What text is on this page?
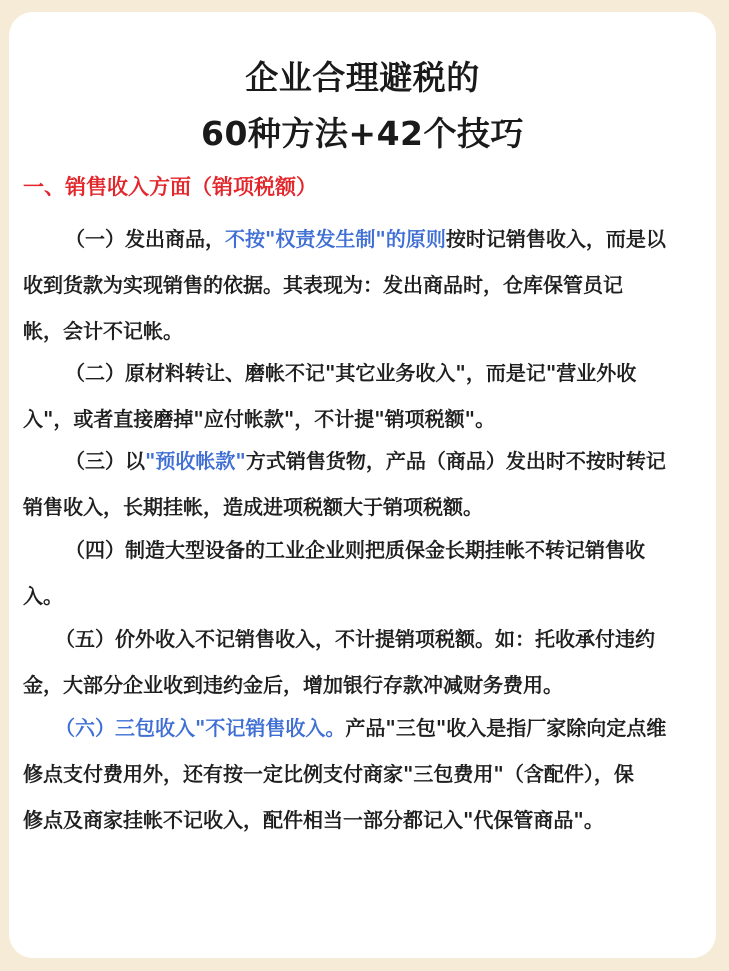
企业合理避税的
60种方法+42个技巧
一、销售收入方面（销项税额）
（一）发出商品，不按"权责发生制"的原则按时记销售收入，而是以
收到货款为实现销售的依据。其表现为：发出商品时，仓库保管员记
帐，会计不记帐。
（二）原材料转让、磨帐不记"其它业务收入"，而是记"营业外收
入"，或者直接磨掉"应付帐款"，不计提"销项税额"。
（三）以"预收帐款"方式销售货物，产品（商品）发出时不按时转记
销售收入，长期挂帐，造成进项税额大于销项税额。
（四）制造大型设备的工业企业则把质保金长期挂帐不转记销售收
入。
（五）价外收入不记销售收入，不计提销项税额。如：托收承付违约
金，大部分企业收到违约金后，增加银行存款冲减财务费用。
（六）三包收入"不记销售收入。产品"三包"收入是指厂家除向定点维
修点支付费用外，还有按一定比例支付商家"三包费用"（含配件），保
修点及商家挂帐不记收入，配件相当一部分都记入"代保管商品"。
